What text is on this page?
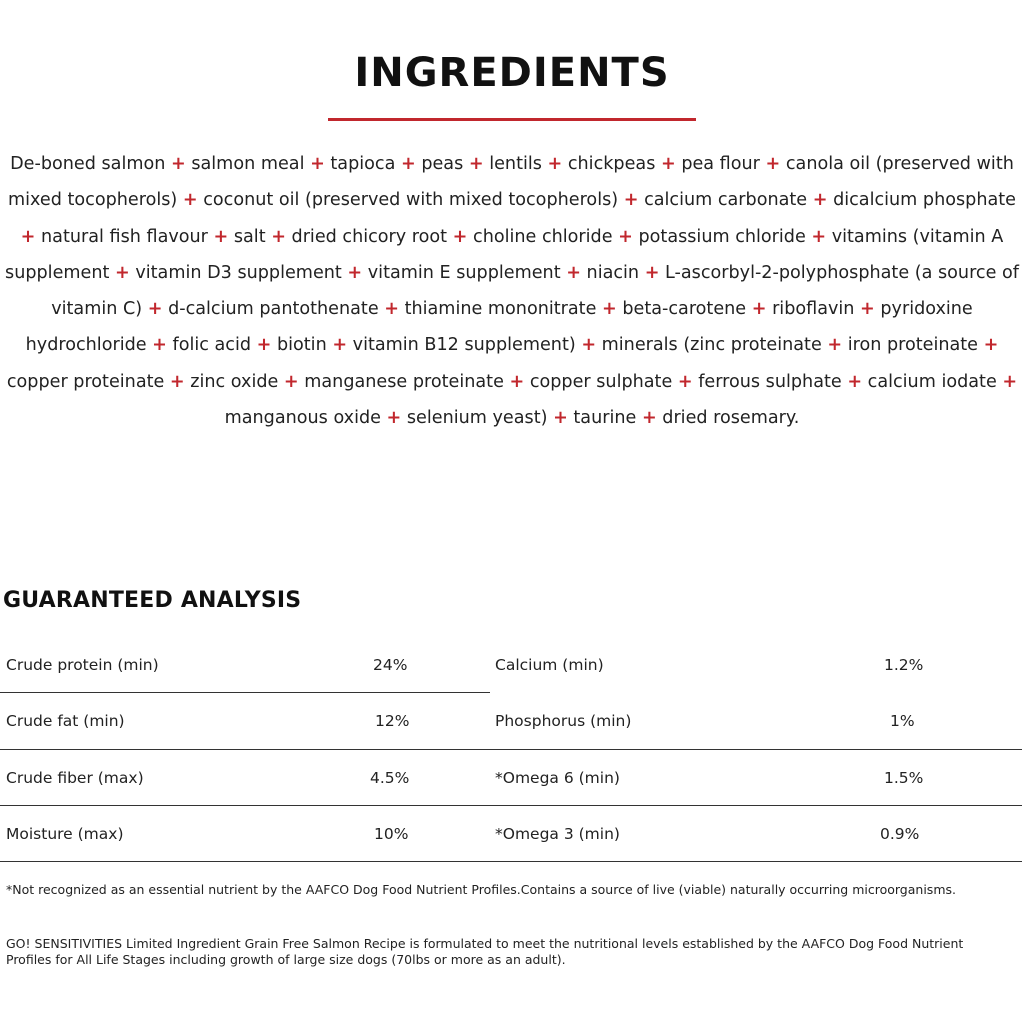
INGREDIENTS
De-boned salmon + salmon meal + tapioca + peas + lentils + chickpeas + pea flour + canola oil (preserved with mixed tocopherols) + coconut oil (preserved with mixed tocopherols) + calcium carbonate + dicalcium phosphate + natural fish flavour + salt + dried chicory root + choline chloride + potassium chloride + vitamins (vitamin A supplement + vitamin D3 supplement + vitamin E supplement + niacin + L-ascorbyl-2-polyphosphate (a source of vitamin C) + d-calcium pantothenate + thiamine mononitrate + beta-carotene + riboflavin + pyridoxine hydrochloride + folic acid + biotin + vitamin B12 supplement) + minerals (zinc proteinate + iron proteinate + copper proteinate + zinc oxide + manganese proteinate + copper sulphate + ferrous sulphate + calcium iodate + manganous oxide + selenium yeast) + taurine + dried rosemary.
GUARANTEED ANALYSIS
Crude protein (min)	24%	Calcium (min)	1.2%
Crude fat (min)	12%	Phosphorus (min)	1%
Crude fiber (max)	4.5%	*Omega 6 (min)	1.5%
Moisture (max)	10%	*Omega 3 (min)	0.9%
*Not recognized as an essential nutrient by the AAFCO Dog Food Nutrient Profiles.Contains a source of live (viable) naturally occurring microorganisms.
GO! SENSITIVITIES Limited Ingredient Grain Free Salmon Recipe is formulated to meet the nutritional levels established by the AAFCO Dog Food Nutrient
Profiles for All Life Stages including growth of large size dogs (70lbs or more as an adult).
